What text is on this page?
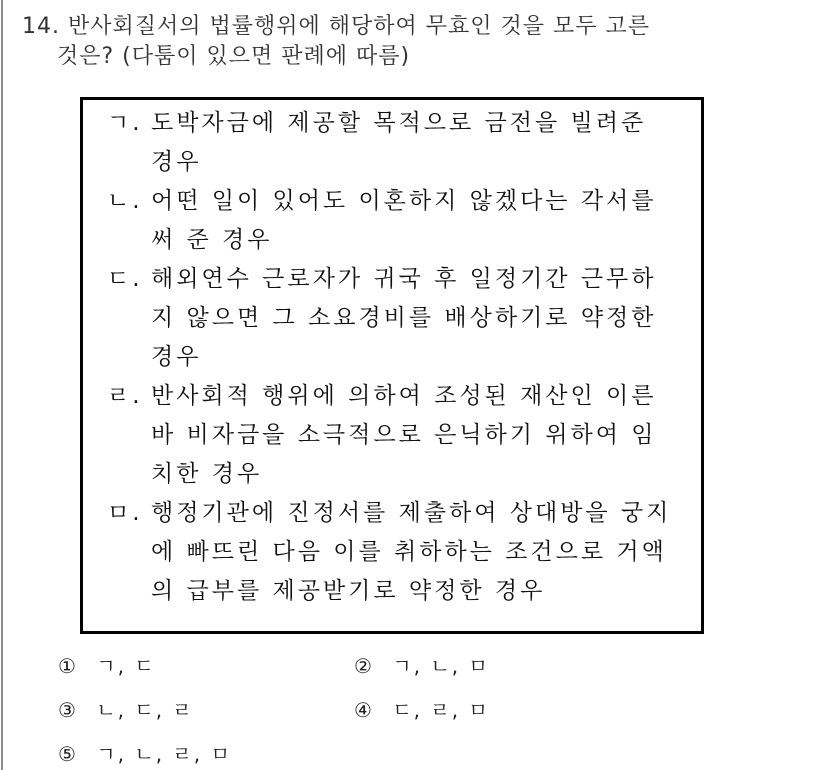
14. 반사회질서의 법률행위에 해당하여 무효인 것을 모두 고른
것은? (다툼이 있으면 판례에 따름)
ㄱ. 도박자금에 제공할 목적으로 금전을 빌려준
경우
ㄴ. 어떤 일이 있어도 이혼하지 않겠다는 각서를
써 준 경우
ㄷ. 해외연수 근로자가 귀국 후 일정기간 근무하
지 않으면 그 소요경비를 배상하기로 약정한
경우
ㄹ. 반사회적 행위에 의하여 조성된 재산인 이른
바 비자금을 소극적으로 은닉하기 위하여 임
치한 경우
ㅁ. 행정기관에 진정서를 제출하여 상대방을 궁지
에 빠뜨린 다음 이를 취하하는 조건으로 거액
의 급부를 제공받기로 약정한 경우
① ㄱ, ㄷ	② ㄱ, ㄴ, ㅁ
③ ㄴ, ㄷ, ㄹ	④ ㄷ, ㄹ, ㅁ
⑤ ㄱ, ㄴ, ㄹ, ㅁ
